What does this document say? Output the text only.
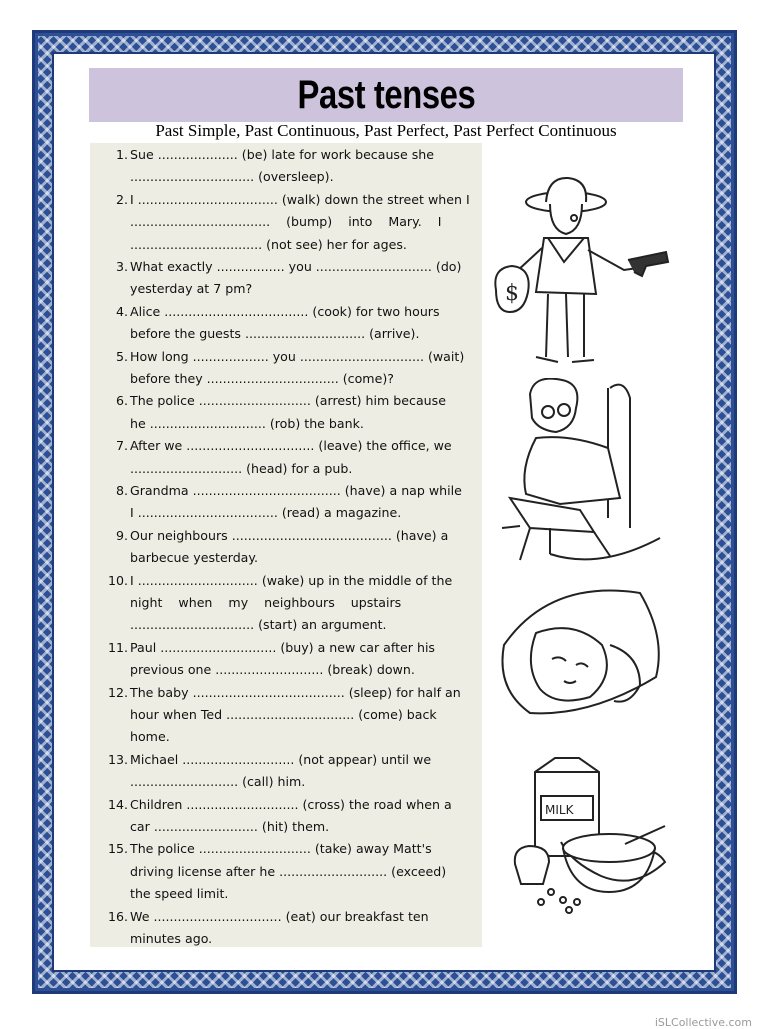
Past tenses
Past Simple, Past Continuous, Past Perfect, Past Perfect Continuous
1. Sue .................... (be) late for work because she
............................... (oversleep).
2. I ................................... (walk) down the street when I
...................................    (bump)    into    Mary.    I
................................. (not see) her for ages.
3. What exactly ................. you ............................. (do)
yesterday at 7 pm?
4. Alice .................................... (cook) for two hours
before the guests .............................. (arrive).
5. How long ................... you ............................... (wait)
before they ................................. (come)?
6. The police ............................ (arrest) him because
he ............................. (rob) the bank.
7. After we ................................ (leave) the office, we
............................ (head) for a pub.
8. Grandma ..................................... (have) a nap while
I ................................... (read) a magazine.
9. Our neighbours ........................................ (have) a
barbecue yesterday.
10. I .............................. (wake) up in the middle of the
night    when    my    neighbours    upstairs
............................... (start) an argument.
11. Paul ............................. (buy) a new car after his
previous one ........................... (break) down.
12. The baby ...................................... (sleep) for half an
hour when Ted ................................ (come) back
home.
13. Michael ............................ (not appear) until we
........................... (call) him.
14. Children ............................ (cross) the road when a
car .......................... (hit) them.
15. The police ............................ (take) away Matt's
driving license after he ........................... (exceed)
the speed limit.
16. We ................................ (eat) our breakfast ten
minutes ago.
$
MILK
iSLCollective.com
